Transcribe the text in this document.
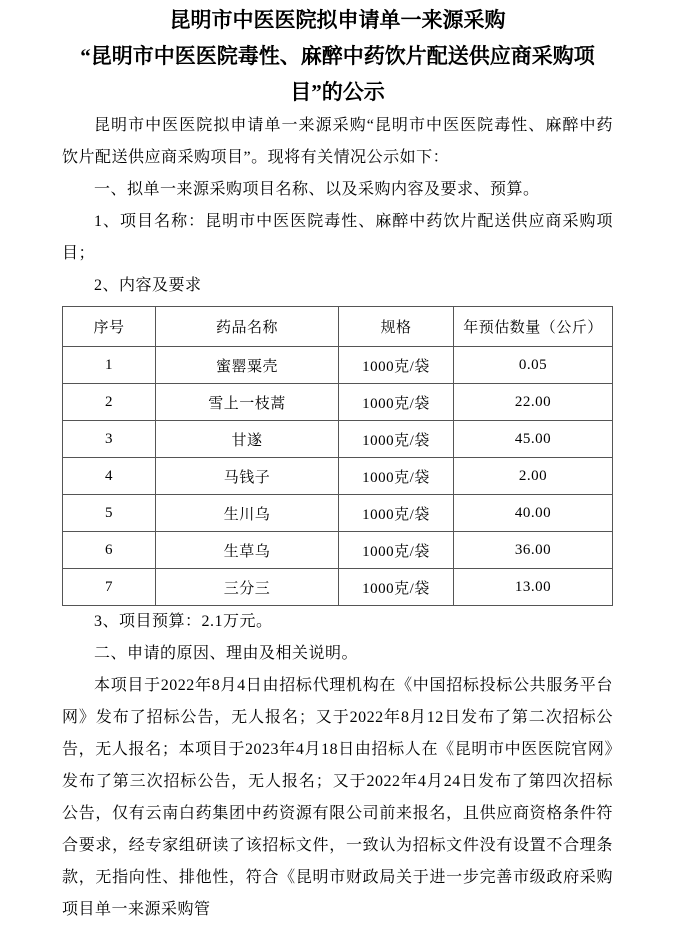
昆明市中医医院拟申请单一来源采购
“昆明市中医医院毒性、麻醉中药饮片配送供应商采购项目”的公示

昆明市中医医院拟申请单一来源采购“昆明市中医医院毒性、麻醉中药饮片配送供应商采购项目”。现将有关情况公示如下：

一、拟单一来源采购项目名称、以及采购内容及要求、预算。

1、项目名称：昆明市中医医院毒性、麻醉中药饮片配送供应商采购项目；

2、内容及要求

序号	药品名称	规格	年预估数量（公斤）
1	蜜罂粟壳	1000克/袋	0.05
2	雪上一枝蒿	1000克/袋	22.00
3	甘遂	1000克/袋	45.00
4	马钱子	1000克/袋	2.00
5	生川乌	1000克/袋	40.00
6	生草乌	1000克/袋	36.00
7	三分三	1000克/袋	13.00

3、项目预算：2.1万元。

二、申请的原因、理由及相关说明。

本项目于2022年8月4日由招标代理机构在《中国招标投标公共服务平台网》发布了招标公告，无人报名；又于2022年8月12日发布了第二次招标公告，无人报名；本项目于2023年4月18日由招标人在《昆明市中医医院官网》发布了第三次招标公告，无人报名；又于2022年4月24日发布了第四次招标公告，仅有云南白药集团中药资源有限公司前来报名，且供应商资格条件符合要求，经专家组研读了该招标文件，一致认为招标文件没有设置不合理条款，无指向性、排他性，符合《昆明市财政局关于进一步完善市级政府采购项目单一来源采购管
